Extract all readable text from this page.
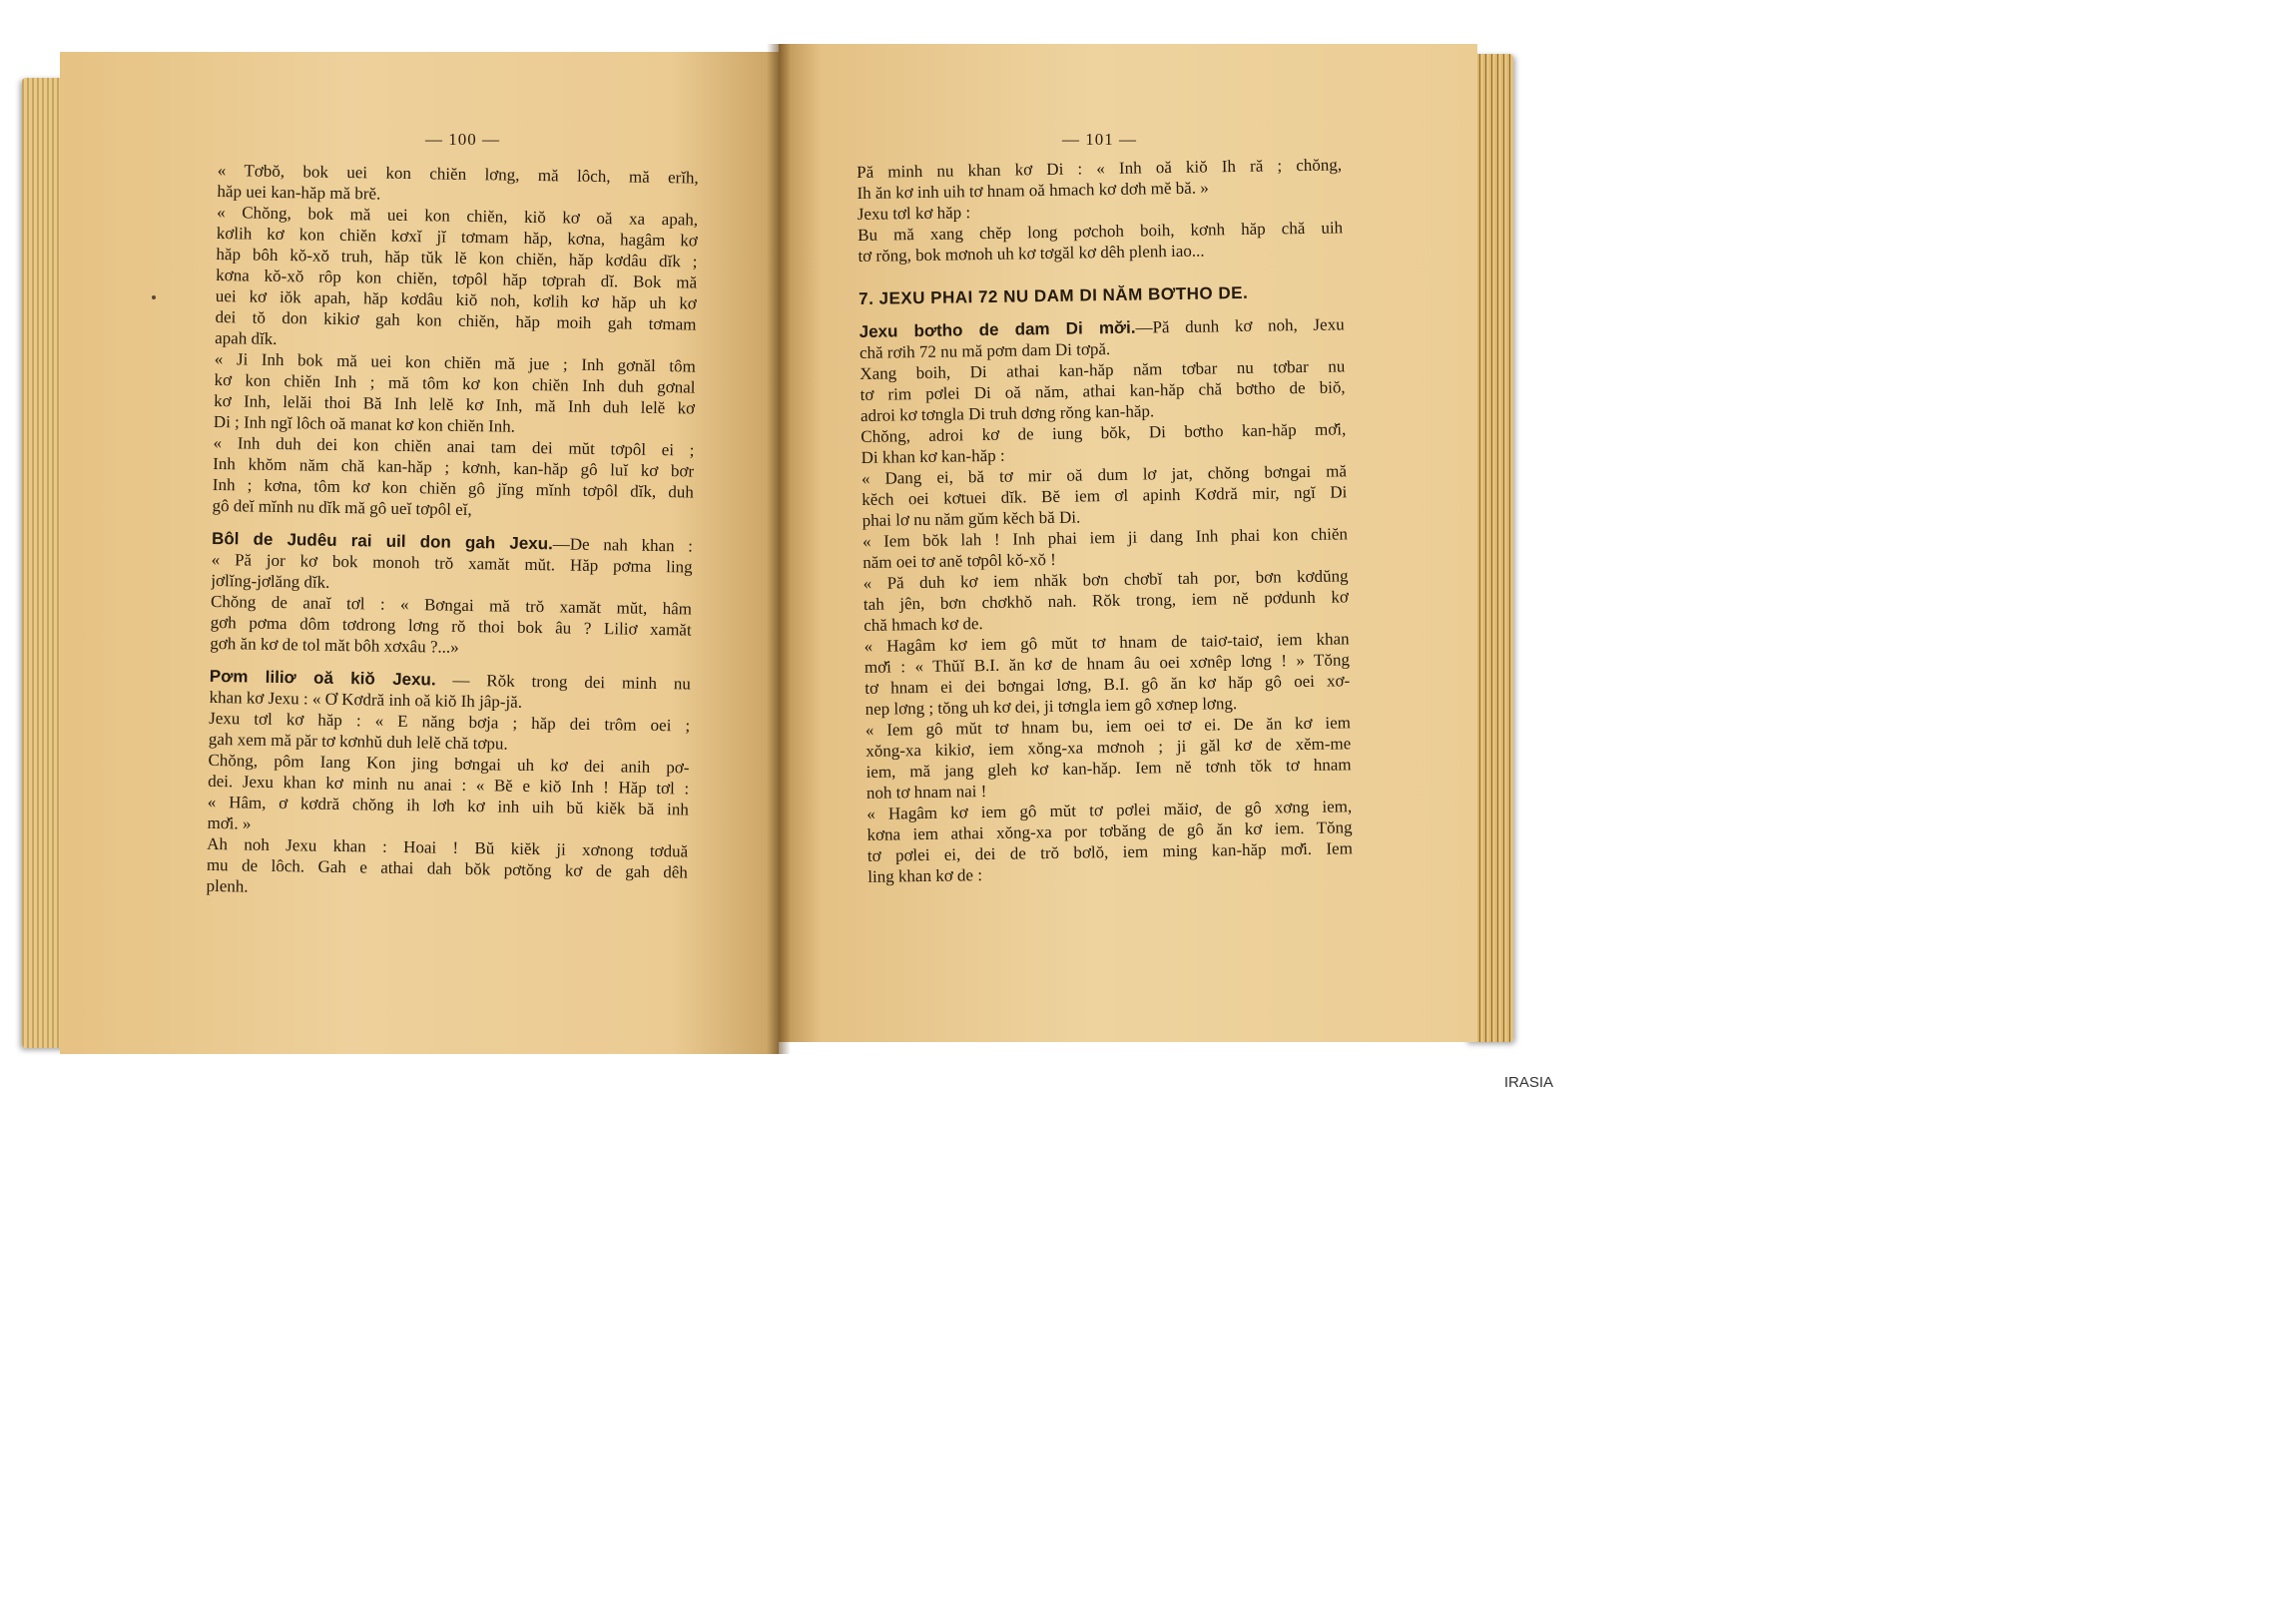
— 100 —	— 101 —
« Tơbŏ, bok uei kon chiĕn lơng, mă lôch, mă erĭh,
hăp uei kan-hăp mă brĕ.
« Chŏng, bok mă uei kon chiĕn, kiŏ kơ oă xa apah,
kơlih kơ kon chiĕn kơxĭ jĭ tơmam hăp, kơna, hagâm kơ
hăp bôh kŏ-xŏ truh, hăp tŭk lĕ kon chiĕn, hăp kơdâu dĭk ;
kơna kŏ-xŏ rôp kon chiĕn, tơpôl hăp tơprah dĭ. Bok mă
uei kơ iŏk apah, hăp kơdâu kiŏ noh, kơlih kơ hăp uh kơ
dei tŏ don kikiơ gah kon chiĕn, hăp moih gah tơmam
apah dĭk.
« Ji Inh bok mă uei kon chiĕn mă jue ; Inh gơnăl tôm
kơ kon chiĕn Inh ; mă tôm kơ kon chiĕn Inh duh gơnal
kơ Inh, lelăi thoi Bă Inh lelĕ kơ Inh, mă Inh duh lelĕ kơ
Di ; Inh ngĭ lôch oă manat kơ kon chiĕn Inh.
« Inh duh dei kon chiĕn anai tam dei mŭt tơpôl ei ;
Inh khŏm năm chă kan-hăp ; kơnh, kan-hăp gô luĭ kơ bơr
Inh ; kơna, tôm kơ kon chiĕn gô jĭng mĭnh tơpôl dĭk, duh
gô deĭ mĭnh nu dĭk mă gô ueĭ tơpôl eĭ,
Bôl de Judêu rai uil don gah Jexu.—De nah khan :
« Pă jor kơ bok monoh trŏ xamăt mŭt. Hăp pơma ling
jơlĭng-jơlăng dĭk.
Chŏng de anaĭ tơl : « Bơngai mă trŏ xamăt mŭt, hâm
gơh pơma dôm tơdrong lơng rŏ thoi bok âu ? Liliơ xamăt
gơh ăn kơ de tol măt bôh xơxâu ?...»
Pơm liliơ oă kiŏ Jexu. — Rŏk trong dei minh nu
khan kơ Jexu : « Ơ Kơdră inh oă kiŏ Ih jâp-jă.
Jexu tơl kơ hăp : « E năng bơja ; hăp dei trôm oei ;
gah xem mă păr tơ kơnhŭ duh lelĕ chă tơpu.
Chŏng, pôm Iang Kon jing bơngai uh kơ dei anih pơ-
dei. Jexu khan kơ minh nu anai : « Bĕ e kiŏ Inh ! Hăp tơl :
« Hâm, ơ kơdră chŏng ih lơh kơ inh uih bŭ kiĕk bă inh
mơ̆i. »
Ah noh Jexu khan : Hoai ! Bŭ kiĕk ji xơnong tơduă
mu de lôch. Gah e athai dah bŏk pơtŏng kơ de gah dêh
plenh.
Pă minh nu khan kơ Di : « Inh oă kiŏ Ih ră ; chŏng,
Ih ăn kơ inh uih tơ hnam oă hmach kơ dơh mĕ bă. »
Jexu tơl kơ hăp :
Bu mă xang chĕp long pơchoh boih, kơnh hăp chă uih
tơ rŏng, bok mơnoh uh kơ tơgăl kơ dêh plenh iao...
7. JEXU PHAI 72 NU DAM DI NĂM BƠTHO DE.
Jexu bơtho de dam Di mơ̆i.—Pă dunh kơ noh, Jexu
chă rơih 72 nu mă pơm dam Di tơpă.
Xang boih, Di athai kan-hăp năm tơbar nu tơbar nu
tơ rim pơlei Di oă năm, athai kan-hăp chă bơtho de biŏ,
adroi kơ tơngla Di truh dơng rŏng kan-hăp.
Chŏng, adroi kơ de iung bŏk, Di bơtho kan-hăp mơ̆i,
Di khan kơ kan-hăp :
« Dang ei, bă tơ mir oă dum lơ jat, chŏng bơngai mă
kĕch oei kơtuei dĭk. Bĕ iem ơl apinh Kơdră mir, ngĭ Di
phai lơ nu năm gŭm kĕch bă Di.
« Iem bŏk lah ! Inh phai iem ji dang Inh phai kon chiĕn
năm oei tơ anĕ tơpôl kŏ-xŏ !
« Pă duh kơ iem nhăk bơn chơbĭ tah por, bơn kơdŭng
tah jên, bơn chơkhŏ nah. Rŏk trong, iem nĕ pơdunh kơ
chă hmach kơ de.
« Hagâm kơ iem gô mŭt tơ hnam de taiơ-taiơ, iem khan
mơ̆i : « Thŭĭ B.I. ăn kơ de hnam âu oei xơnêp lơng ! » Tŏng
tơ hnam ei dei bơngai lơng, B.I. gô ăn kơ hăp gô oei xơ-
nep lơng ; tŏng uh kơ dei, ji tơngla iem gô xơnep lơng.
« Iem gô mŭt tơ hnam bu, iem oei tơ ei. De ăn kơ iem
xŏng-xa kikiơ, iem xŏng-xa mơnoh ; ji găl kơ de xĕm-me
iem, mă jang gleh kơ kan-hăp. Iem nĕ tơnh tŏk tơ hnam
noh tơ hnam nai !
« Hagâm kơ iem gô mŭt tơ pơlei măiơ, de gô xơng iem,
kơna iem athai xŏng-xa por tơbăng de gô ăn kơ iem. Tŏng
tơ pơlei ei, dei de trŏ bơlŏ, iem ming kan-hăp mơ̆i. Iem
ling khan kơ de :
IRASIA
